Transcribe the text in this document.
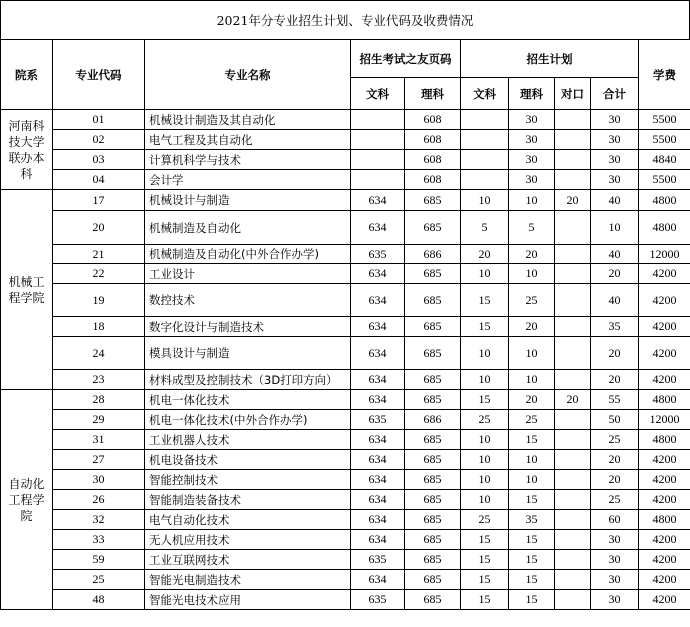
2021年分专业招生计划、专业代码及收费情况
院系	专业代码	专业名称	招生考试之友页码		招生计划				学费
			文科	理科	文科	理科	对口	合计	
河南科技大学联办本科	01	机械设计制造及其自动化		608		30		30	5500
	02	电气工程及其自动化		608		30		30	5500
	03	计算机科学与技术		608		30		30	4840
	04	会计学		608		30		30	5500
机械工程学院	17	机械设计与制造	634	685	10	10	20	40	4800
	20	机械制造及自动化	634	685	5	5		10	4800
	21	机械制造及自动化(中外合作办学)	635	686	20	20		40	12000
	22	工业设计	634	685	10	10		20	4200
	19	数控技术	634	685	15	25		40	4200
	18	数字化设计与制造技术	634	685	15	20		35	4200
	24	模具设计与制造	634	685	10	10		20	4200
	23	材料成型及控制技术（3D打印方向）	634	685	10	10		20	4200
自动化工程学院	28	机电一体化技术	634	685	15	20	20	55	4800
	29	机电一体化技术(中外合作办学)	635	686	25	25		50	12000
	31	工业机器人技术	634	685	10	15		25	4800
	27	机电设备技术	634	685	10	10		20	4200
	30	智能控制技术	634	685	10	10		20	4200
	26	智能制造装备技术	634	685	10	15		25	4200
	32	电气自动化技术	634	685	25	35		60	4800
	33	无人机应用技术	634	685	15	15		30	4200
	59	工业互联网技术	635	685	15	15		30	4200
	25	智能光电制造技术	634	685	15	15		30	4200
	48	智能光电技术应用	635	685	15	15		30	4200
